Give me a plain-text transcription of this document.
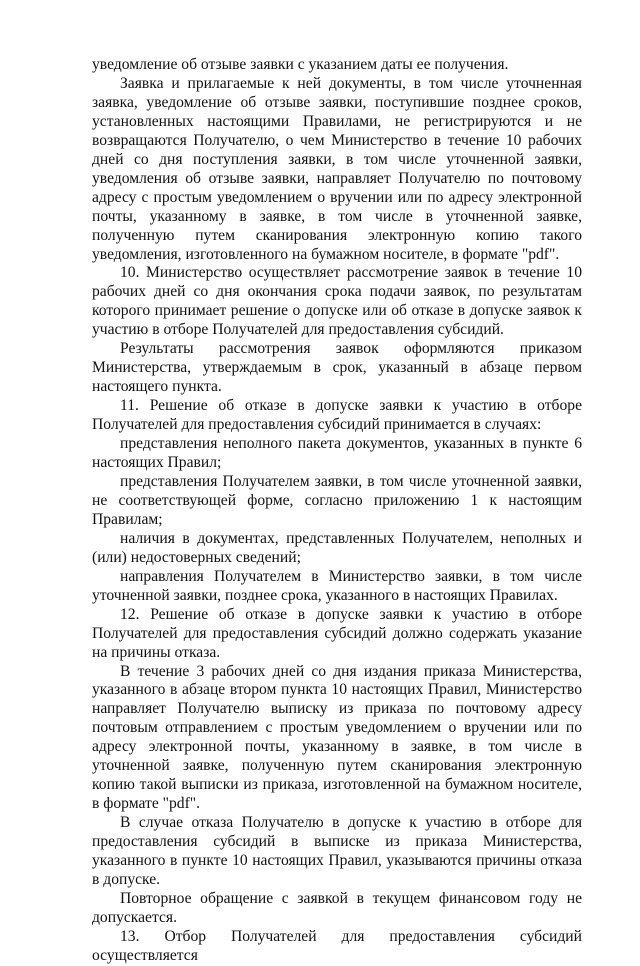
уведомление об отзыве заявки с указанием даты ее получения.

Заявка и прилагаемые к ней документы, в том числе уточненная заявка, уведомление об отзыве заявки, поступившие позднее сроков, установленных настоящими Правилами, не регистрируются и не возвращаются Получателю, о чем Министерство в течение 10 рабочих дней со дня поступления заявки, в том числе уточненной заявки, уведомления об отзыве заявки, направляет Получателю по почтовому адресу с простым уведомлением о вручении или по адресу электронной почты, указанному в заявке, в том числе в уточненной заявке, полученную путем сканирования электронную копию такого уведомления, изготовленного на бумажном носителе, в формате "pdf".

10. Министерство осуществляет рассмотрение заявок в течение 10 рабочих дней со дня окончания срока подачи заявок, по результатам которого принимает решение о допуске или об отказе в допуске заявок к участию в отборе Получателей для предоставления субсидий.

Результаты рассмотрения заявок оформляются приказом Министерства, утверждаемым в срок, указанный в абзаце первом настоящего пункта.

11. Решение об отказе в допуске заявки к участию в отборе Получателей для предоставления субсидий принимается в случаях:

представления неполного пакета документов, указанных в пункте 6 настоящих Правил;

представления Получателем заявки, в том числе уточненной заявки, не соответствующей форме, согласно приложению 1 к настоящим Правилам;

наличия в документах, представленных Получателем, неполных и (или) недостоверных сведений;

направления Получателем в Министерство заявки, в том числе уточненной заявки, позднее срока, указанного в настоящих Правилах.

12. Решение об отказе в допуске заявки к участию в отборе Получателей для предоставления субсидий должно содержать указание на причины отказа.

В течение 3 рабочих дней со дня издания приказа Министерства, указанного в абзаце втором пункта 10 настоящих Правил, Министерство направляет Получателю выписку из приказа по почтовому адресу почтовым отправлением с простым уведомлением о вручении или по адресу электронной почты, указанному в заявке, в том числе в уточненной заявке, полученную путем сканирования электронную копию такой выписки из приказа, изготовленной на бумажном носителе, в формате "pdf".

В случае отказа Получателю в допуске к участию в отборе для предоставления субсидий в выписке из приказа Министерства, указанного в пункте 10 настоящих Правил, указываются причины отказа в допуске.

Повторное обращение с заявкой в текущем финансовом году не допускается.

13. Отбор Получателей для предоставления субсидий осуществляется
